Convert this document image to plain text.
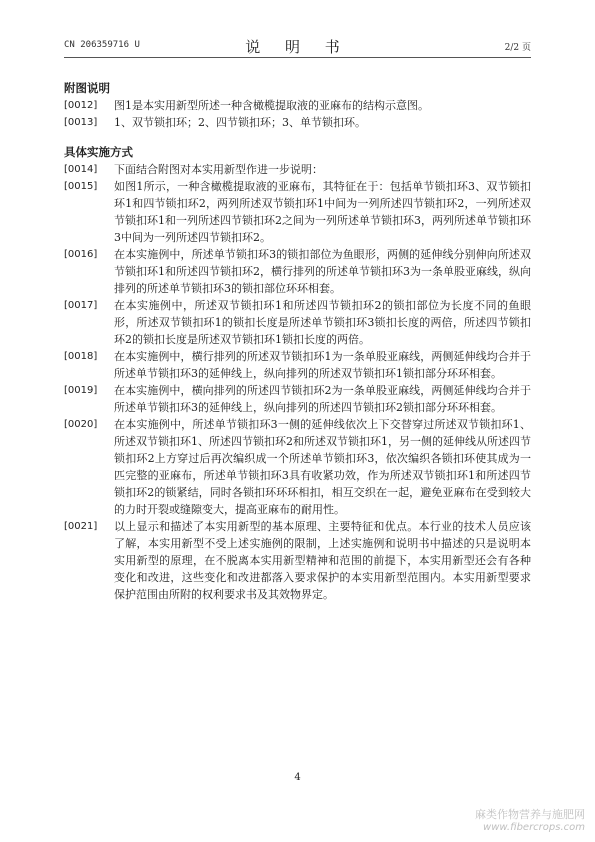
CN 206359716 U	说 明 书	2/2 页
附图说明
[0012]	图1是本实用新型所述一种含橄榄提取液的亚麻布的结构示意图。
[0013]	1、双节锁扣环；2、四节锁扣环；3、单节锁扣环。
具体实施方式
[0014]	下面结合附图对本实用新型作进一步说明：
[0015]	如图1所示，一种含橄榄提取液的亚麻布，其特征在于：包括单节锁扣环3、双节锁扣环1和四节锁扣环2，两列所述双节锁扣环1中间为一列所述四节锁扣环2，一列所述双节锁扣环1和一列所述四节锁扣环2之间为一列所述单节锁扣环3，两列所述单节锁扣环3中间为一列所述四节锁扣环2。
[0016]	在本实施例中，所述单节锁扣环3的锁扣部位为鱼眼形，两侧的延伸线分别伸向所述双节锁扣环1和所述四节锁扣环2，横行排列的所述单节锁扣环3为一条单股亚麻线，纵向排列的所述单节锁扣环3的锁扣部位环环相套。
[0017]	在本实施例中，所述双节锁扣环1和所述四节锁扣环2的锁扣部位为长度不同的鱼眼形，所述双节锁扣环1的锁扣长度是所述单节锁扣环3锁扣长度的两倍，所述四节锁扣环2的锁扣长度是所述双节锁扣环1锁扣长度的两倍。
[0018]	在本实施例中，横行排列的所述双节锁扣环1为一条单股亚麻线，两侧延伸线均合并于所述单节锁扣环3的延伸线上，纵向排列的所述双节锁扣环1锁扣部分环环相套。
[0019]	在本实施例中，横向排列的所述四节锁扣环2为一条单股亚麻线，两侧延伸线均合并于所述单节锁扣环3的延伸线上，纵向排列的所述四节锁扣环2锁扣部分环环相套。
[0020]	在本实施例中，所述单节锁扣环3一侧的延伸线依次上下交替穿过所述双节锁扣环1、所述双节锁扣环1、所述四节锁扣环2和所述双节锁扣环1，另一侧的延伸线从所述四节锁扣环2上方穿过后再次编织成一个所述单节锁扣环3，依次编织各锁扣环使其成为一匹完整的亚麻布，所述单节锁扣环3具有收紧功效，作为所述双节锁扣环1和所述四节锁扣环2的锁紧结，同时各锁扣环环环相扣，相互交织在一起，避免亚麻布在受到较大的力时开裂或缝隙变大，提高亚麻布的耐用性。
[0021]	以上显示和描述了本实用新型的基本原理、主要特征和优点。本行业的技术人员应该了解，本实用新型不受上述实施例的限制，上述实施例和说明书中描述的只是说明本实用新型的原理，在不脱离本实用新型精神和范围的前提下，本实用新型还会有各种变化和改进，这些变化和改进都落入要求保护的本实用新型范围内。本实用新型要求保护范围由所附的权利要求书及其效物界定。
4
麻类作物营养与施肥网
www.fibercrops.com
